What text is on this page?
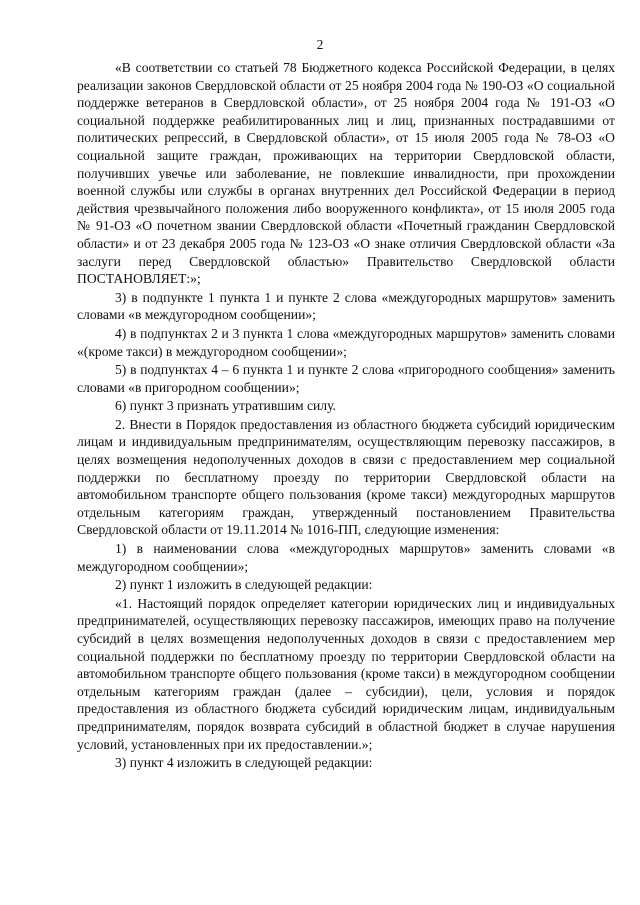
2

«В соответствии со статьей 78 Бюджетного кодекса Российской Федерации, в целях реализации законов Свердловской области от 25 ноября 2004 года № 190-ОЗ «О социальной поддержке ветеранов в Свердловской области», от 25 ноября 2004 года № 191-ОЗ «О социальной поддержке реабилитированных лиц и лиц, признанных пострадавшими от политических репрессий, в Свердловской области», от 15 июля 2005 года № 78-ОЗ «О социальной защите граждан, проживающих на территории Свердловской области, получивших увечье или заболевание, не повлекшие инвалидности, при прохождении военной службы или службы в органах внутренних дел Российской Федерации в период действия чрезвычайного положения либо вооруженного конфликта», от 15 июля 2005 года № 91-ОЗ «О почетном звании Свердловской области «Почетный гражданин Свердловской области» и от 23 декабря 2005 года № 123-ОЗ «О знаке отличия Свердловской области «За заслуги перед Свердловской областью» Правительство Свердловской области ПОСТАНОВЛЯЕТ:»;

3) в подпункте 1 пункта 1 и пункте 2 слова «междугородных маршрутов» заменить словами «в междугородном сообщении»;

4) в подпунктах 2 и 3 пункта 1 слова «междугородных маршрутов» заменить словами «(кроме такси) в междугородном сообщении»;

5) в подпунктах 4 – 6 пункта 1 и пункте 2 слова «пригородного сообщения» заменить словами «в пригородном сообщении»;

6) пункт 3 признать утратившим силу.

2. Внести в Порядок предоставления из областного бюджета субсидий юридическим лицам и индивидуальным предпринимателям, осуществляющим перевозку пассажиров, в целях возмещения недополученных доходов в связи с предоставлением мер социальной поддержки по бесплатному проезду по территории Свердловской области на автомобильном транспорте общего пользования (кроме такси) междугородных маршрутов отдельным категориям граждан, утвержденный постановлением Правительства Свердловской области от 19.11.2014 № 1016-ПП, следующие изменения:

1) в наименовании слова «междугородных маршрутов» заменить словами «в междугородном сообщении»;

2) пункт 1 изложить в следующей редакции:

«1. Настоящий порядок определяет категории юридических лиц и индивидуальных предпринимателей, осуществляющих перевозку пассажиров, имеющих право на получение субсидий в целях возмещения недополученных доходов в связи с предоставлением мер социальной поддержки по бесплатному проезду по территории Свердловской области на автомобильном транспорте общего пользования (кроме такси) в междугородном сообщении отдельным категориям граждан (далее – субсидии), цели, условия и порядок предоставления из областного бюджета субсидий юридическим лицам, индивидуальным предпринимателям, порядок возврата субсидий в областной бюджет в случае нарушения условий, установленных при их предоставлении.»;

3) пункт 4 изложить в следующей редакции:
